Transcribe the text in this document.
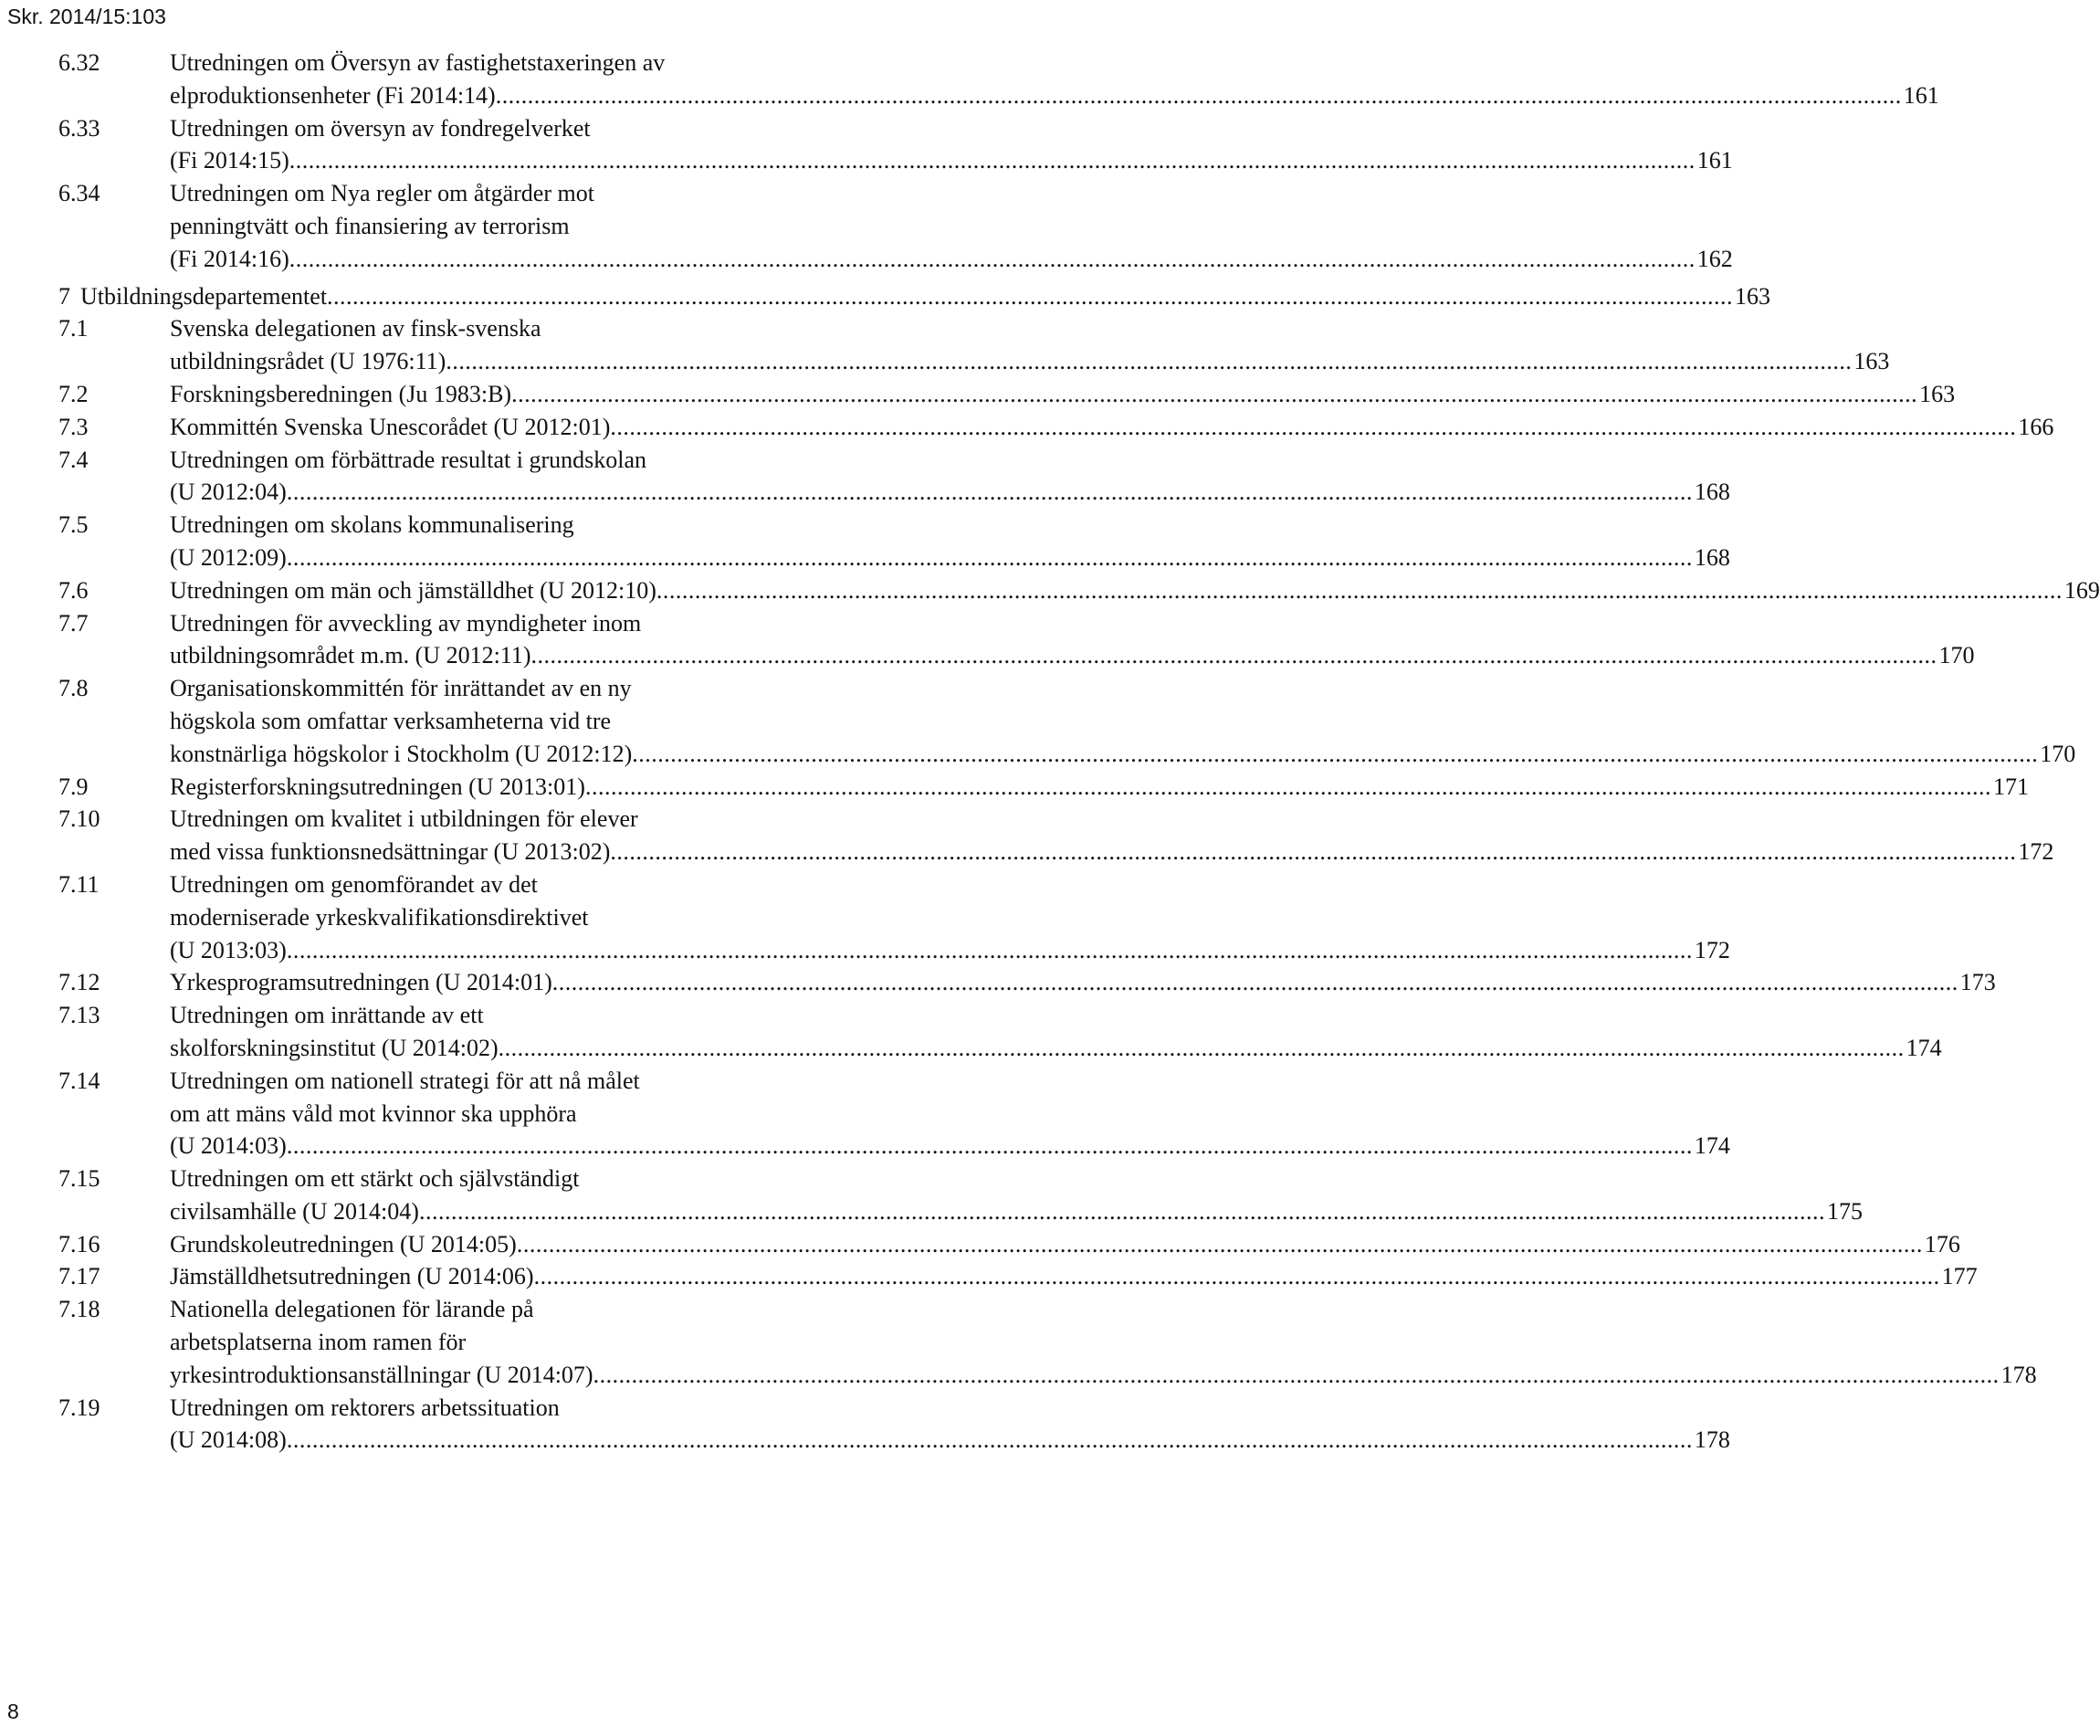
Skr. 2014/15:103
6.32	Utredningen om Översyn av fastighetstaxeringen av
elproduktionsenheter (Fi 2014:14) ............................................................................................................................................................................................................................ 161
6.33	Utredningen om översyn av fondregelverket
(Fi 2014:15) ............................................................................................................................................................................................................................ 161
6.34	Utredningen om Nya regler om åtgärder mot
penningtvätt och finansiering av terrorism
(Fi 2014:16) ............................................................................................................................................................................................................................ 162
7 Utbildningsdepartementet ............................................................................................................................................................................................................................ 163
7.1	Svenska delegationen av finsk-svenska
utbildningsrådet (U 1976:11) ............................................................................................................................................................................................................................ 163
7.2	Forskningsberedningen (Ju 1983:B) ............................................................................................................................................................................................................................ 163
7.3	Kommittén Svenska Unescorådet (U 2012:01) ............................................................................................................................................................................................................................ 166
7.4	Utredningen om förbättrade resultat i grundskolan
(U 2012:04) ............................................................................................................................................................................................................................ 168
7.5	Utredningen om skolans kommunalisering
(U 2012:09) ............................................................................................................................................................................................................................ 168
7.6	Utredningen om män och jämställdhet (U 2012:10) ............................................................................................................................................................................................................................ 169
7.7	Utredningen för avveckling av myndigheter inom
utbildningsområdet m.m. (U 2012:11) ............................................................................................................................................................................................................................ 170
7.8	Organisationskommittén för inrättandet av en ny
högskola som omfattar verksamheterna vid tre
konstnärliga högskolor i Stockholm (U 2012:12) ............................................................................................................................................................................................................................ 170
7.9	Registerforskningsutredningen (U 2013:01) ............................................................................................................................................................................................................................ 171
7.10	Utredningen om kvalitet i utbildningen för elever
med vissa funktionsnedsättningar (U 2013:02) ............................................................................................................................................................................................................................ 172
7.11	Utredningen om genomförandet av det
moderniserade yrkeskvalifikationsdirektivet
(U 2013:03) ............................................................................................................................................................................................................................ 172
7.12	Yrkesprogramsutredningen (U 2014:01) ............................................................................................................................................................................................................................ 173
7.13	Utredningen om inrättande av ett
skolforskningsinstitut (U 2014:02) ............................................................................................................................................................................................................................ 174
7.14	Utredningen om nationell strategi för att nå målet
om att mäns våld mot kvinnor ska upphöra
(U 2014:03) ............................................................................................................................................................................................................................ 174
7.15	Utredningen om ett stärkt och självständigt
civilsamhälle (U 2014:04) ............................................................................................................................................................................................................................ 175
7.16	Grundskoleutredningen (U 2014:05) ............................................................................................................................................................................................................................ 176
7.17	Jämställdhetsutredningen (U 2014:06) ............................................................................................................................................................................................................................ 177
7.18	Nationella delegationen för lärande på
arbetsplatserna inom ramen för
yrkesintroduktionsanställningar (U 2014:07) ............................................................................................................................................................................................................................ 178
7.19	Utredningen om rektorers arbetssituation
(U 2014:08) ............................................................................................................................................................................................................................ 178
8
